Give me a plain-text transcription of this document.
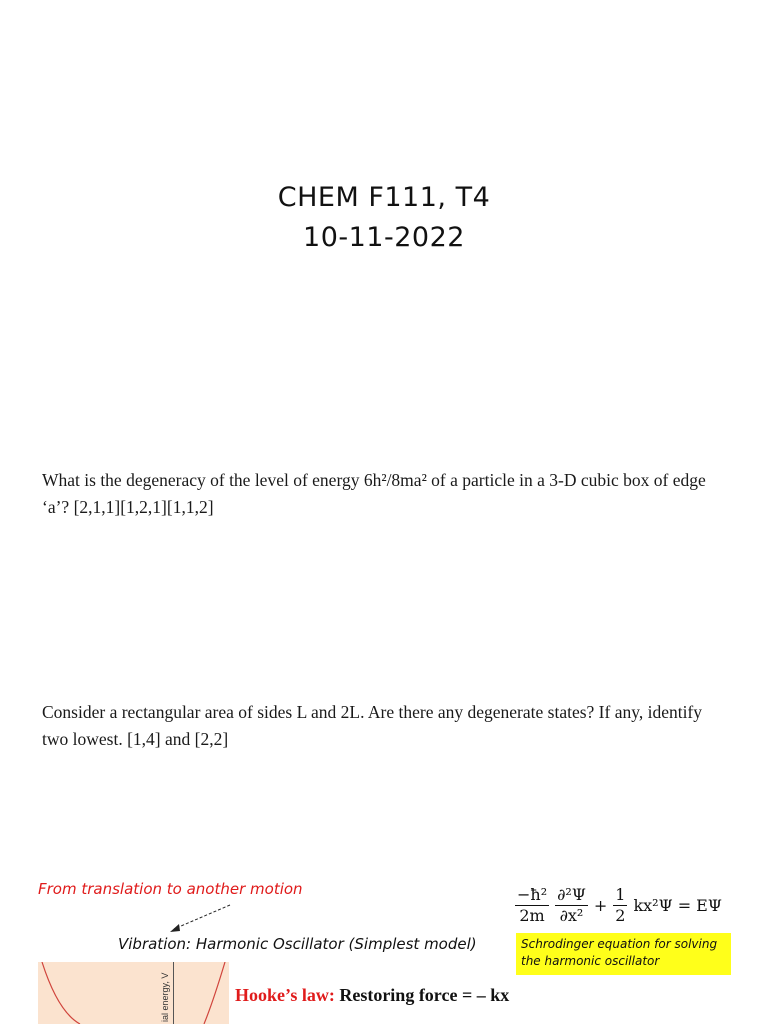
CHEM F111, T4
10-11-2022
What is the degeneracy of the level of energy 6h²/8ma² of a particle in a 3-D cubic box of edge ‘a’? [2,1,1][1,2,1][1,1,2]
Consider a rectangular area of sides L and 2L. Are there any degenerate states? If any, identify two lowest. [1,4] and [2,2]
From translation to another motion
Vibration: Harmonic Oscillator (Simplest model)
ial energy, V	Hooke’s law: Restoring force = – kx
$\frac{\text{−ħ²}}{2m} \frac{\text{∂²Ψ}}{\text{∂x²}} + \frac{1}{2} kx^2\Psi = E\Psi$
Schrodinger equation for solving the harmonic oscillator
